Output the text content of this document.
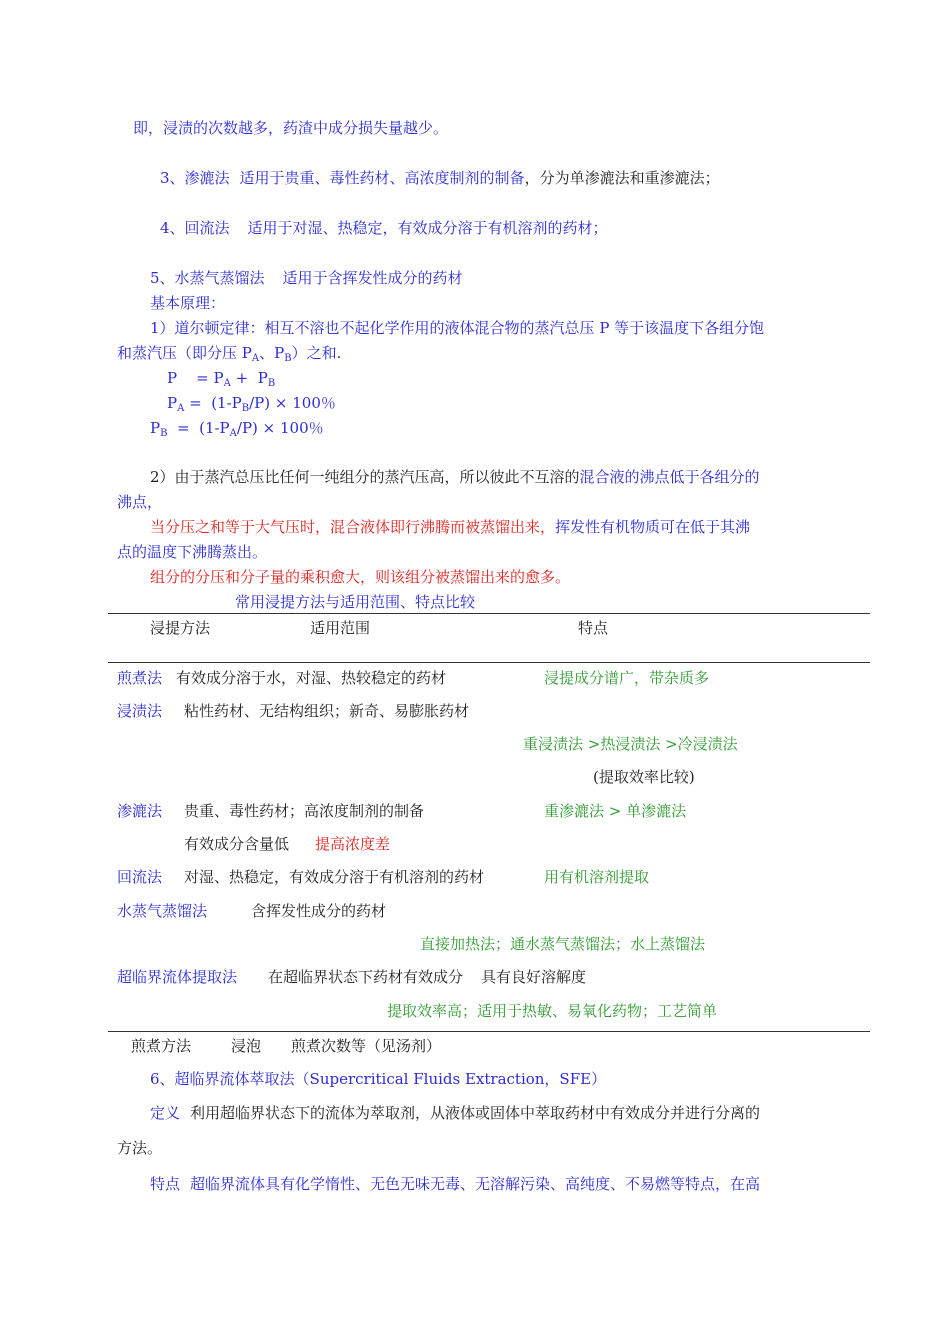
即，浸渍的次数越多，药渣中成分损失量越少。
3、渗漉法 适用于贵重、毒性药材、高浓度制剂的制备，分为单渗漉法和重渗漉法；
4、回流法 适用于对湿、热稳定，有效成分溶于有机溶剂的药材；
5、水蒸气蒸馏法 适用于含挥发性成分的药材
基本原理：
1）道尔顿定律：相互不溶也不起化学作用的液体混合物的蒸汽总压 P 等于该温度下各组分饱
和蒸汽压（即分压 $P_A$、$P_B$）之和.
P    = $P_A + P_B$
$P_A = (1-P_B/P) \times 100$％
$P_B = (1-P_A/P) \times 100$％
2）由于蒸汽总压比任何一纯组分的蒸汽压高，所以彼此不互溶的混合液的沸点低于各组分的
沸点，
当分压之和等于大气压时，混合液体即行沸腾而被蒸馏出来，挥发性有机物质可在低于其沸
点的温度下沸腾蒸出。
组分的分压和分子量的乘积愈大，则该组分被蒸馏出来的愈多。
常用浸提方法与适用范围、特点比较
浸提方法	适用范围	特点
煎煮法 有效成分溶于水，对湿、热较稳定的药材	浸提成分谱广，带杂质多
浸渍法 粘性药材、无结构组织；新奇、易膨胀药材
重浸渍法 >热浸渍法 >冷浸渍法
(提取效率比较)
渗漉法 贵重、毒性药材；高浓度制剂的制备	重渗漉法 > 单渗漉法
有效成分含量低 提高浓度差
回流法 对湿、热稳定，有效成分溶于有机溶剂的药材	用有机溶剂提取
水蒸气蒸馏法	含挥发性成分的药材
直接加热法；通水蒸气蒸馏法；水上蒸馏法
超临界流体提取法 在超临界状态下药材有效成分 具有良好溶解度
提取效率高；适用于热敏、易氧化药物；工艺简单
煎煮方法	浸泡 煎煮次数等（见汤剂）
6、超临界流体萃取法（Supercritical Fluids Extraction，SFE）
定义 利用超临界状态下的流体为萃取剂，从液体或固体中萃取药材中有效成分并进行分离的
方法。
特点 超临界流体具有化学惰性、无色无味无毒、无溶解污染、高纯度、不易燃等特点，在高
